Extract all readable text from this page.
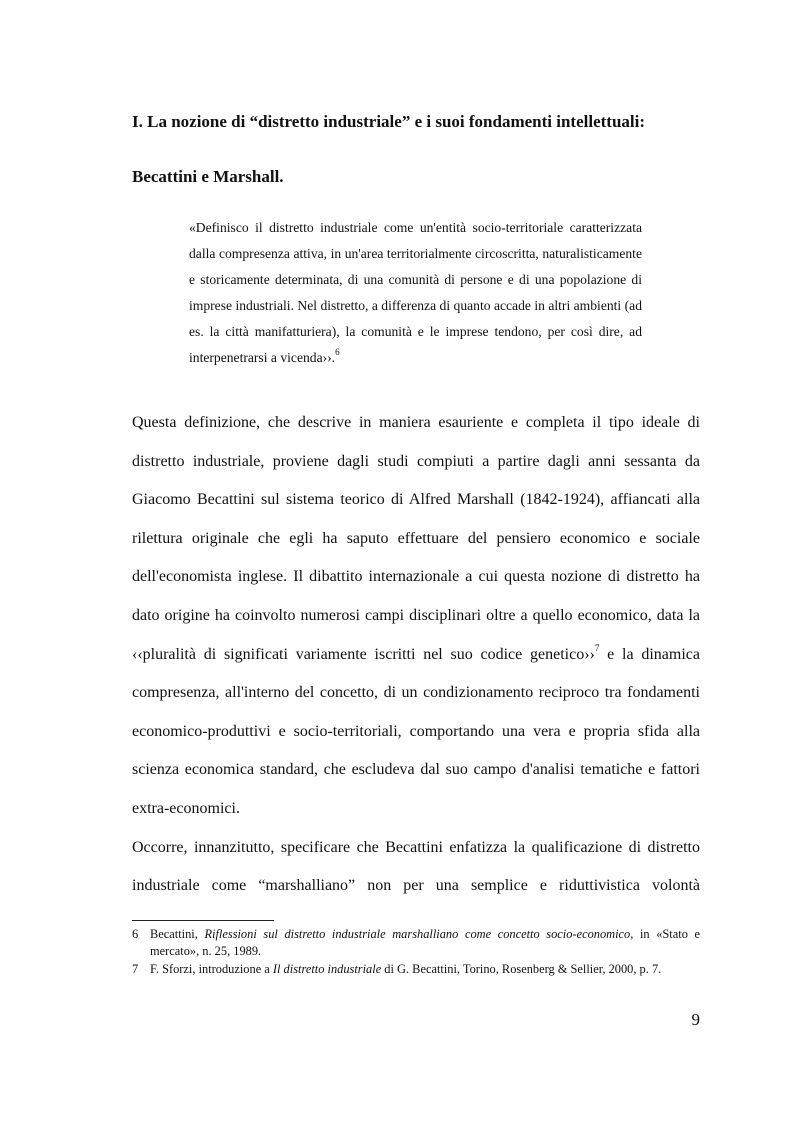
I. La nozione di “distretto industriale” e i suoi fondamenti intellettuali:
Becattini e Marshall.
«Definisco il distretto industriale come un'entità socio-territoriale caratterizzata dalla compresenza attiva, in un'area territorialmente circoscritta, naturalisticamente e storicamente determinata, di una comunità di persone e di una popolazione di imprese industriali. Nel distretto, a differenza di quanto accade in altri ambienti (ad es. la città manifatturiera), la comunità e le imprese tendono, per così dire, ad interpenetrarsi a vicenda››.$^6$

Questa definizione, che descrive in maniera esauriente e completa il tipo ideale di distretto industriale, proviene dagli studi compiuti a partire dagli anni sessanta da Giacomo Becattini sul sistema teorico di Alfred Marshall (1842-1924), affiancati alla rilettura originale che egli ha saputo effettuare del pensiero economico e sociale dell'economista inglese. Il dibattito internazionale a cui questa nozione di distretto ha dato origine ha coinvolto numerosi campi disciplinari oltre a quello economico, data la ‹‹pluralità di significati variamente iscritti nel suo codice genetico››$^7$ e la dinamica compresenza, all'interno del concetto, di un condizionamento reciproco tra fondamenti economico-produttivi e socio-territoriali, comportando una vera e propria sfida alla scienza economica standard, che escludeva dal suo campo d'analisi tematiche e fattori extra-economici.

Occorre, innanzitutto, specificare che Becattini enfatizza la qualificazione di distretto industriale come “marshalliano” non per una semplice e riduttivistica volontà

6 Becattini, Riflessioni sul distretto industriale marshalliano come concetto socio-economico, in «Stato e mercato», n. 25, 1989.
7 F. Sforzi, introduzione a Il distretto industriale di G. Becattini, Torino, Rosenberg & Sellier, 2000, p. 7.
9
